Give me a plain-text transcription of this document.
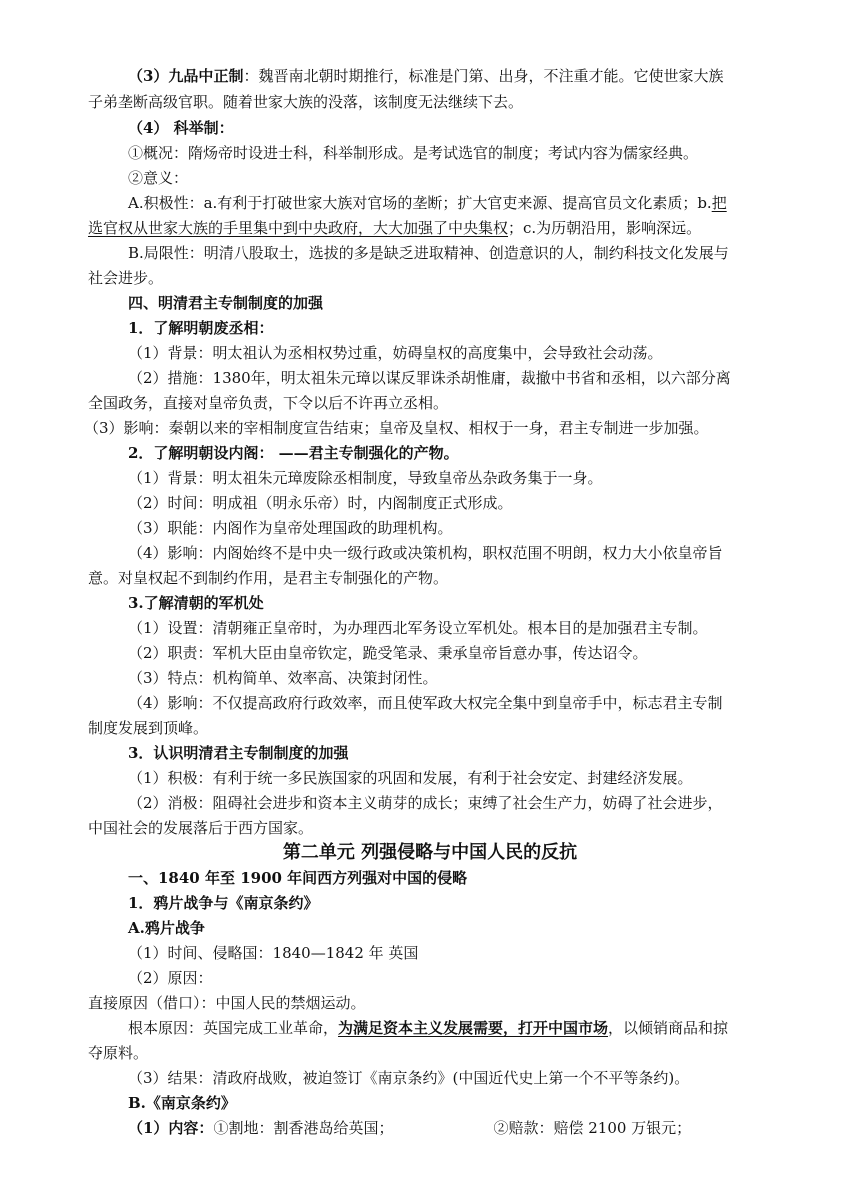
（3）九品中正制：魏晋南北朝时期推行，标准是门第、出身，不注重才能。它使世家大族
子弟垄断高级官职。随着世家大族的没落，该制度无法继续下去。
（4） 科举制：
①概况：隋炀帝时设进士科，科举制形成。是考试选官的制度；考试内容为儒家经典。
②意义：
A.积极性：a.有利于打破世家大族对官场的垄断；扩大官吏来源、提高官员文化素质；b.把
选官权从世家大族的手里集中到中央政府，大大加强了中央集权；c.为历朝沿用，影响深远。
B.局限性：明清八股取士，选拔的多是缺乏进取精神、创造意识的人，制约科技文化发展与
社会进步。
四、明清君主专制制度的加强
1．了解明朝废丞相：
（1）背景：明太祖认为丞相权势过重，妨碍皇权的高度集中，会导致社会动荡。
（2）措施：1380年，明太祖朱元璋以谋反罪诛杀胡惟庸，裁撤中书省和丞相，以六部分离
全国政务，直接对皇帝负责，下令以后不许再立丞相。
（3）影响：秦朝以来的宰相制度宣告结束；皇帝及皇权、相权于一身，君主专制进一步加强。
2．了解明朝设内阁： ——君主专制强化的产物。
（1）背景：明太祖朱元璋废除丞相制度，导致皇帝丛杂政务集于一身。
（2）时间：明成祖（明永乐帝）时，内阁制度正式形成。
（3）职能：内阁作为皇帝处理国政的助理机构。
（4）影响：内阁始终不是中央一级行政或决策机构，职权范围不明朗，权力大小依皇帝旨
意。对皇权起不到制约作用，是君主专制强化的产物。
3.了解清朝的军机处
（1）设置：清朝雍正皇帝时，为办理西北军务设立军机处。根本目的是加强君主专制。
（2）职责：军机大臣由皇帝钦定，跪受笔录、秉承皇帝旨意办事，传达诏令。
（3）特点：机构简单、效率高、决策封闭性。
（4）影响：不仅提高政府行政效率，而且使军政大权完全集中到皇帝手中，标志君主专制
制度发展到顶峰。
3．认识明清君主专制制度的加强
（1）积极：有利于统一多民族国家的巩固和发展，有利于社会安定、封建经济发展。
（2）消极：阻碍社会进步和资本主义萌芽的成长；束缚了社会生产力，妨碍了社会进步，
中国社会的发展落后于西方国家。
第二单元 列强侵略与中国人民的反抗
一、1840 年至 1900 年间西方列强对中国的侵略
1．鸦片战争与《南京条约》
A.鸦片战争
（1）时间、侵略国：1840—1842 年 英国
（2）原因：
直接原因（借口）：中国人民的禁烟运动。
根本原因：英国完成工业革命，为满足资本主义发展需要，打开中国市场，以倾销商品和掠
夺原料。
（3）结果：清政府战败，被迫签订《南京条约》(中国近代史上第一个不平等条约)。
B.《南京条约》
（1）内容：①割地：割香港岛给英国；	②赔款：赔偿 2100 万银元；
